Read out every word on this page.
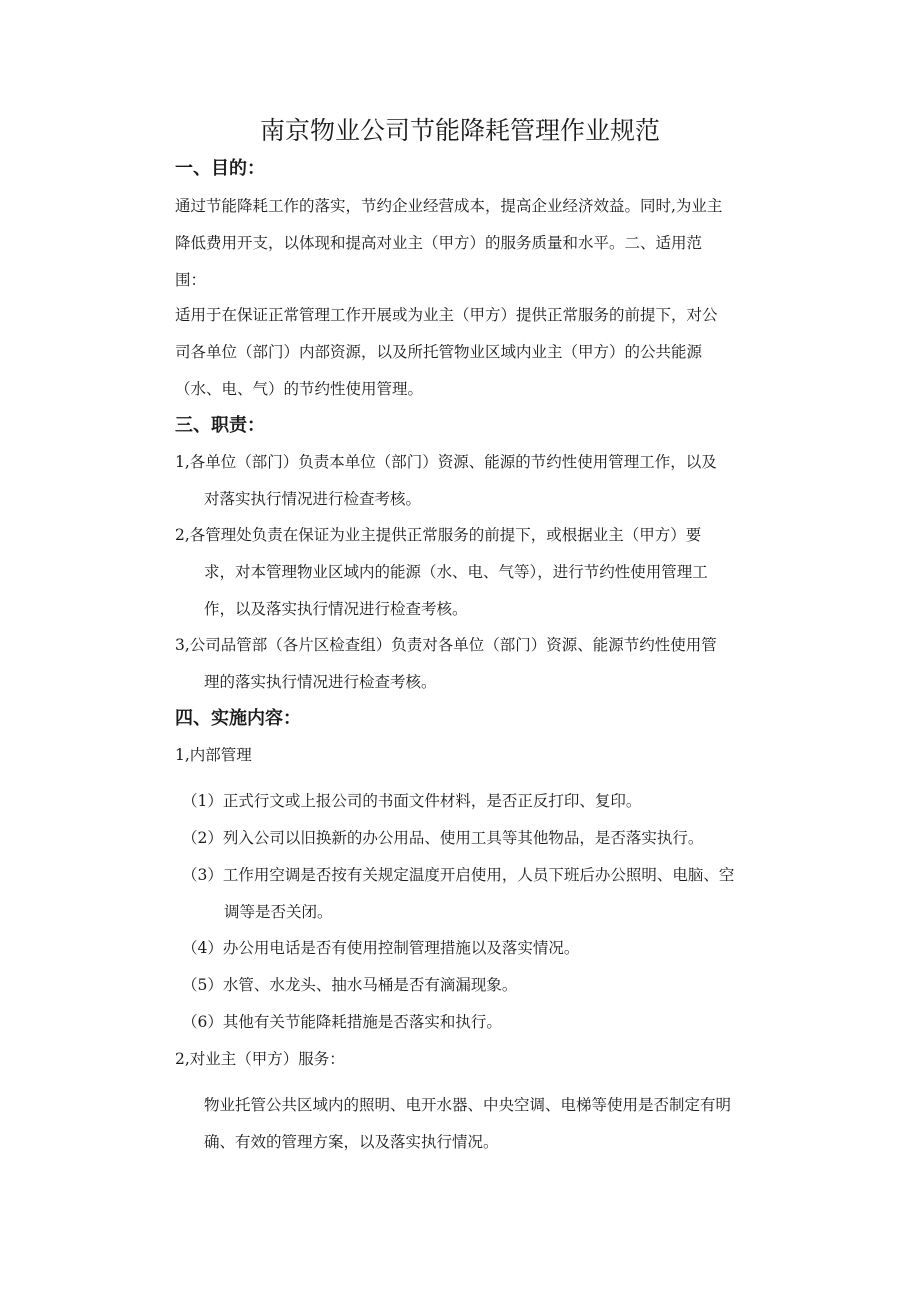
南京物业公司节能降耗管理作业规范
一、目的：
通过节能降耗工作的落实，节约企业经营成本，提高企业经济效益。同时,为业主
降低费用开支，以体现和提高对业主（甲方）的服务质量和水平。二、适用范
围：
适用于在保证正常管理工作开展或为业主（甲方）提供正常服务的前提下，对公
司各单位（部门）内部资源，以及所托管物业区域内业主（甲方）的公共能源
（水、电、气）的节约性使用管理。
三、职责：
1,各单位（部门）负责本单位（部门）资源、能源的节约性使用管理工作，以及
对落实执行情况进行检查考核。
2,各管理处负责在保证为业主提供正常服务的前提下，或根据业主（甲方）要
求，对本管理物业区域内的能源（水、电、气等），进行节约性使用管理工
作，以及落实执行情况进行检查考核。
3,公司品管部（各片区检查组）负责对各单位（部门）资源、能源节约性使用管
理的落实执行情况进行检查考核。
四、实施内容：
1,内部管理
（1）正式行文或上报公司的书面文件材料，是否正反打印、复印。
（2）列入公司以旧换新的办公用品、使用工具等其他物品，是否落实执行。
（3）工作用空调是否按有关规定温度开启使用，人员下班后办公照明、电脑、空
调等是否关闭。
（4）办公用电话是否有使用控制管理措施以及落实情况。
（5）水管、水龙头、抽水马桶是否有滴漏现象。
（6）其他有关节能降耗措施是否落实和执行。
2,对业主（甲方）服务：
物业托管公共区域内的照明、电开水器、中央空调、电梯等使用是否制定有明
确、有效的管理方案，以及落实执行情况。
